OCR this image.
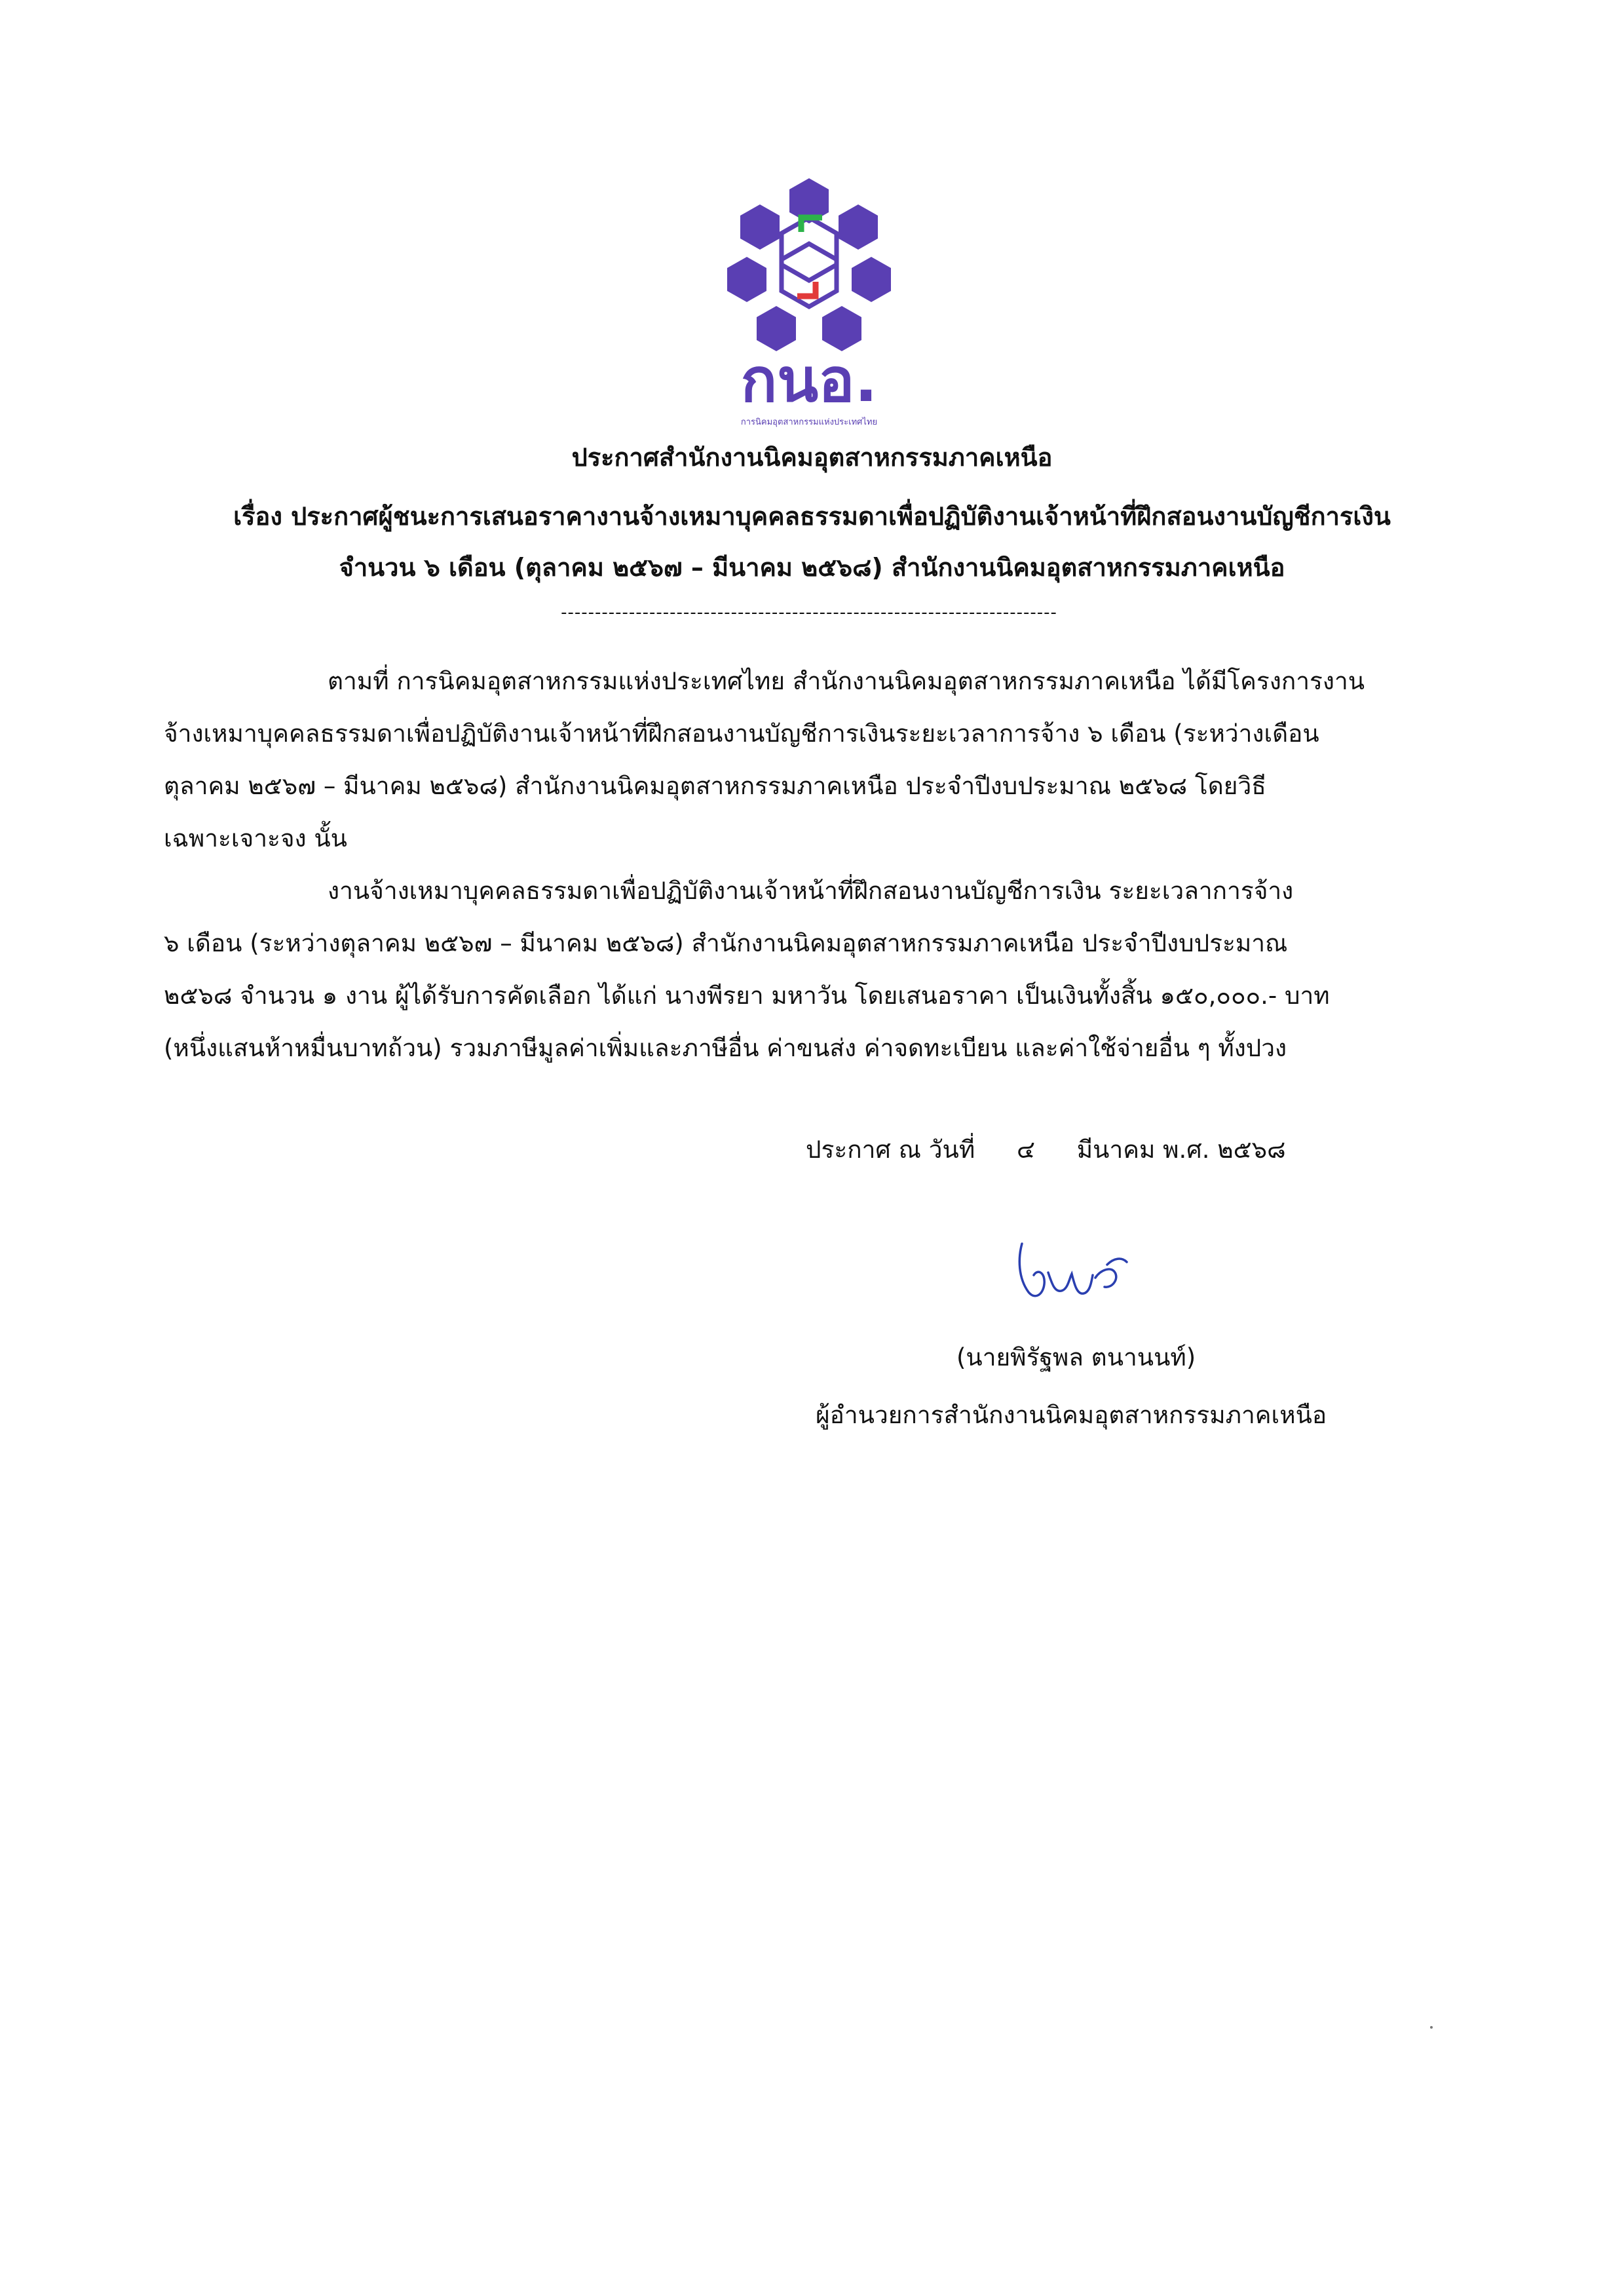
กนอ.
การนิคมอุตสาหกรรมแห่งประเทศไทย
ประกาศสำนักงานนิคมอุตสาหกรรมภาคเหนือ
เรื่อง ประกาศผู้ชนะการเสนอราคางานจ้างเหมาบุคคลธรรมดาเพื่อปฏิบัติงานเจ้าหน้าที่ฝึกสอนงานบัญชีการเงิน
จำนวน ๖ เดือน (ตุลาคม ๒๕๖๗ – มีนาคม ๒๕๖๘) สำนักงานนิคมอุตสาหกรรมภาคเหนือ
-------------------------------------------------------------------------
ตามที่ การนิคมอุตสาหกรรมแห่งประเทศไทย สำนักงานนิคมอุตสาหกรรมภาคเหนือ ได้มีโครงการงาน
จ้างเหมาบุคคลธรรมดาเพื่อปฏิบัติงานเจ้าหน้าที่ฝึกสอนงานบัญชีการเงินระยะเวลาการจ้าง ๖ เดือน (ระหว่างเดือน
ตุลาคม ๒๕๖๗ – มีนาคม ๒๕๖๘) สำนักงานนิคมอุตสาหกรรมภาคเหนือ ประจำปีงบประมาณ ๒๕๖๘ โดยวิธี
เฉพาะเจาะจง นั้น
งานจ้างเหมาบุคคลธรรมดาเพื่อปฏิบัติงานเจ้าหน้าที่ฝึกสอนงานบัญชีการเงิน ระยะเวลาการจ้าง
๖ เดือน (ระหว่างตุลาคม ๒๕๖๗ – มีนาคม ๒๕๖๘) สำนักงานนิคมอุตสาหกรรมภาคเหนือ ประจำปีงบประมาณ
๒๕๖๘ จำนวน ๑ งาน ผู้ได้รับการคัดเลือก ได้แก่ นางพีรยา มหาวัน โดยเสนอราคา เป็นเงินทั้งสิ้น ๑๕๐,๐๐๐.- บาท
(หนึ่งแสนห้าหมื่นบาทถ้วน) รวมภาษีมูลค่าเพิ่มและภาษีอื่น ค่าขนส่ง ค่าจดทะเบียน และค่าใช้จ่ายอื่น ๆ ทั้งปวง
ประกาศ ณ วันที่ ๔ มีนาคม พ.ศ. ๒๕๖๘
(นายพิรัฐพล ตนานนท์)
ผู้อำนวยการสำนักงานนิคมอุตสาหกรรมภาคเหนือ
